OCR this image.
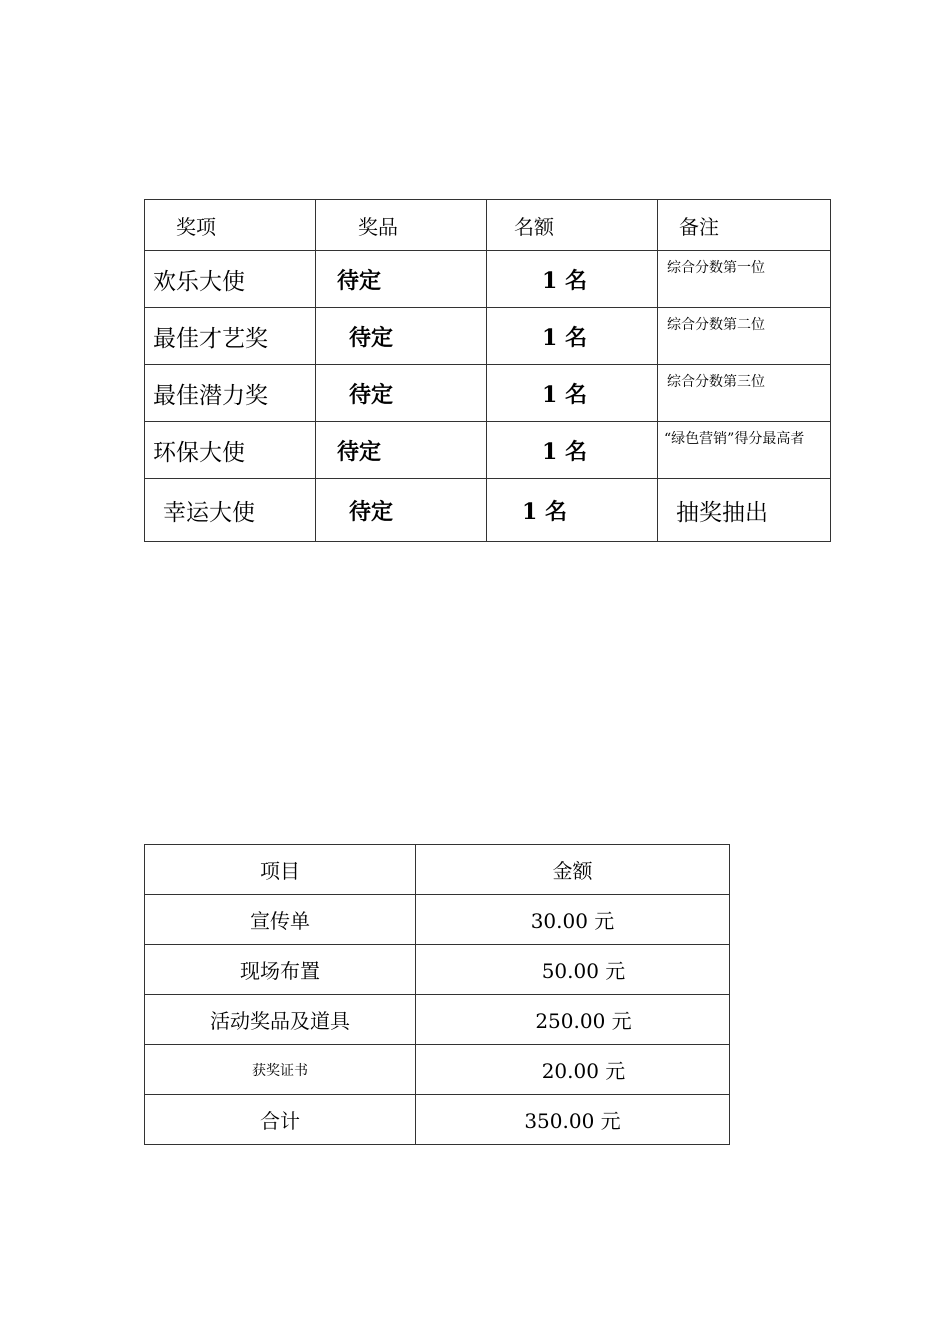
奖项	奖品	名额	备注
欢乐大使	待定	1 名	综合分数第一位
最佳才艺奖	待定	1 名	综合分数第二位
最佳潜力奖	待定	1 名	综合分数第三位
环保大使	待定	1 名	“绿色营销”得分最高者
幸运大使	待定	1 名	抽奖抽出
项目	金额
宣传单	30.00 元
现场布置	50.00 元
活动奖品及道具	250.00 元
获奖证书	20.00 元
合计	350.00 元
